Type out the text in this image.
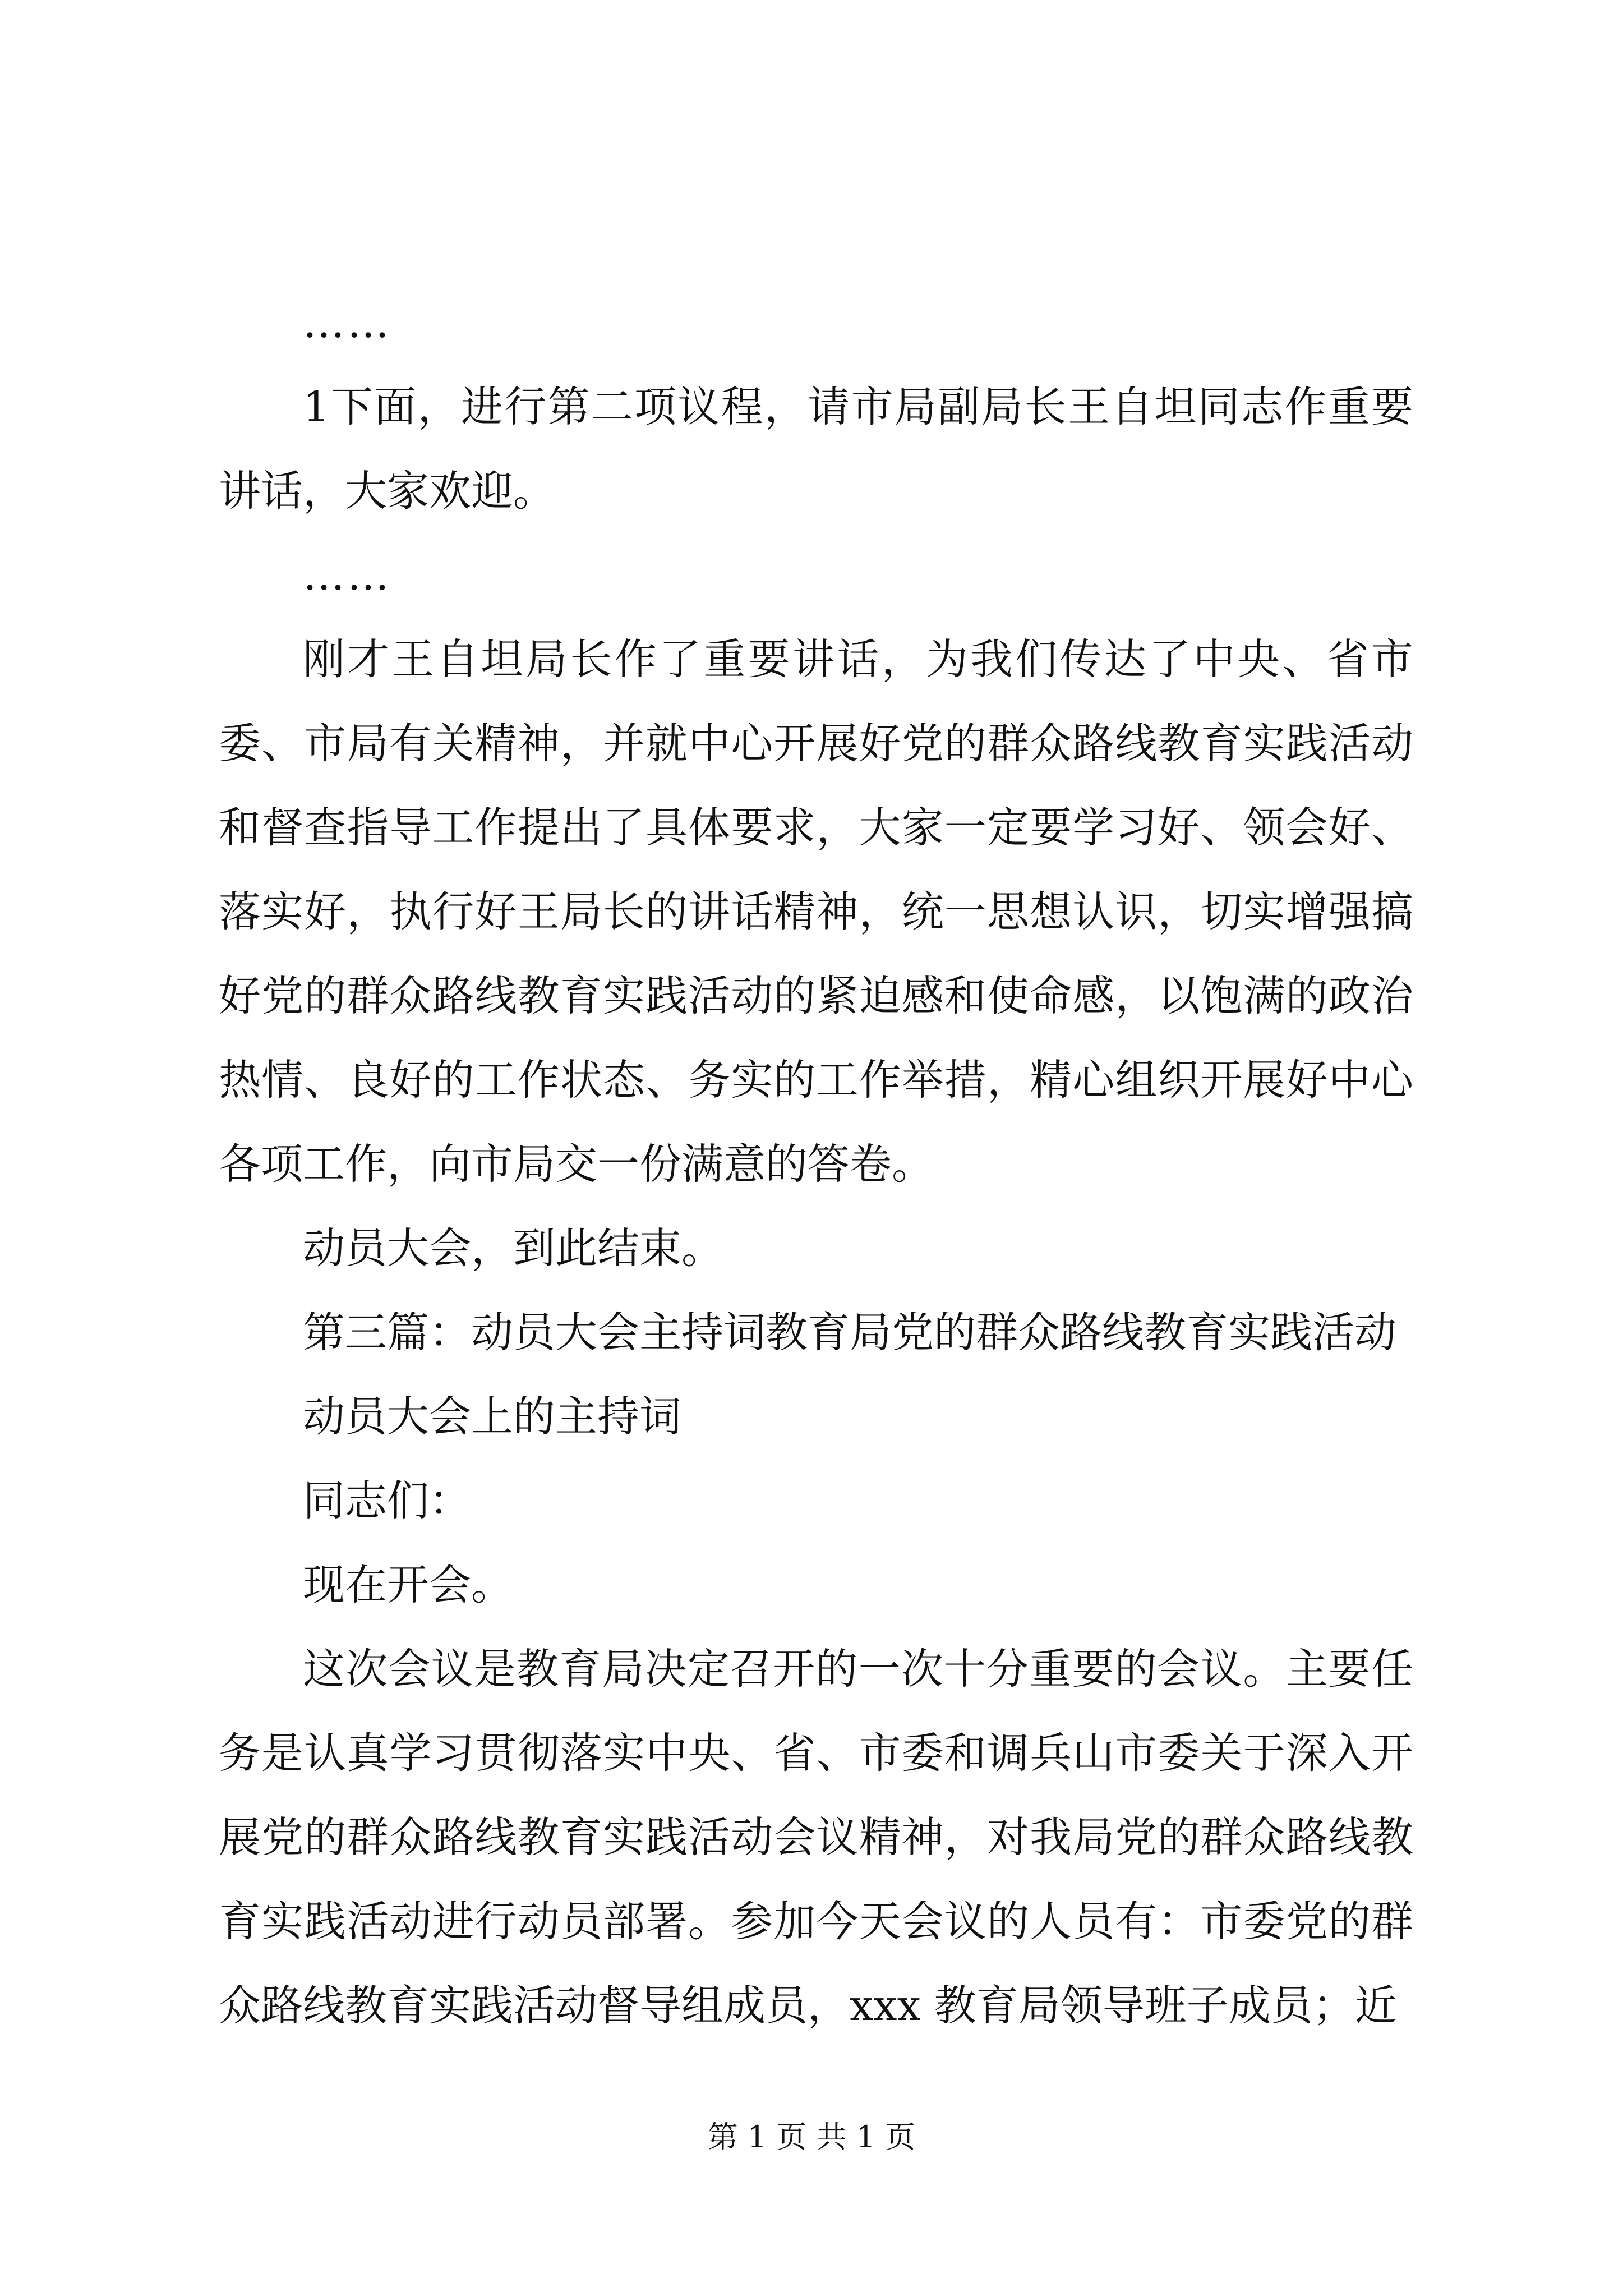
……

1下面，进行第二项议程，请市局副局长王自坦同志作重要讲话，大家欢迎。

……

刚才王自坦局长作了重要讲话，为我们传达了中央、省市委、市局有关精神，并就中心开展好党的群众路线教育实践活动和督查指导工作提出了具体要求，大家一定要学习好、领会好、落实好，执行好王局长的讲话精神，统一思想认识，切实增强搞好党的群众路线教育实践活动的紧迫感和使命感，以饱满的政治热情、良好的工作状态、务实的工作举措，精心组织开展好中心各项工作，向市局交一份满意的答卷。

动员大会，到此结束。

第三篇：动员大会主持词教育局党的群众路线教育实践活动

动员大会上的主持词

同志们：

现在开会。

这次会议是教育局决定召开的一次十分重要的会议。主要任务是认真学习贯彻落实中央、省、市委和调兵山市委关于深入开展党的群众路线教育实践活动会议精神，对我局党的群众路线教育实践活动进行动员部署。参加今天会议的人员有：市委党的群众路线教育实践活动督导组成员，xxx 教育局领导班子成员；近

第 1 页 共 1 页
